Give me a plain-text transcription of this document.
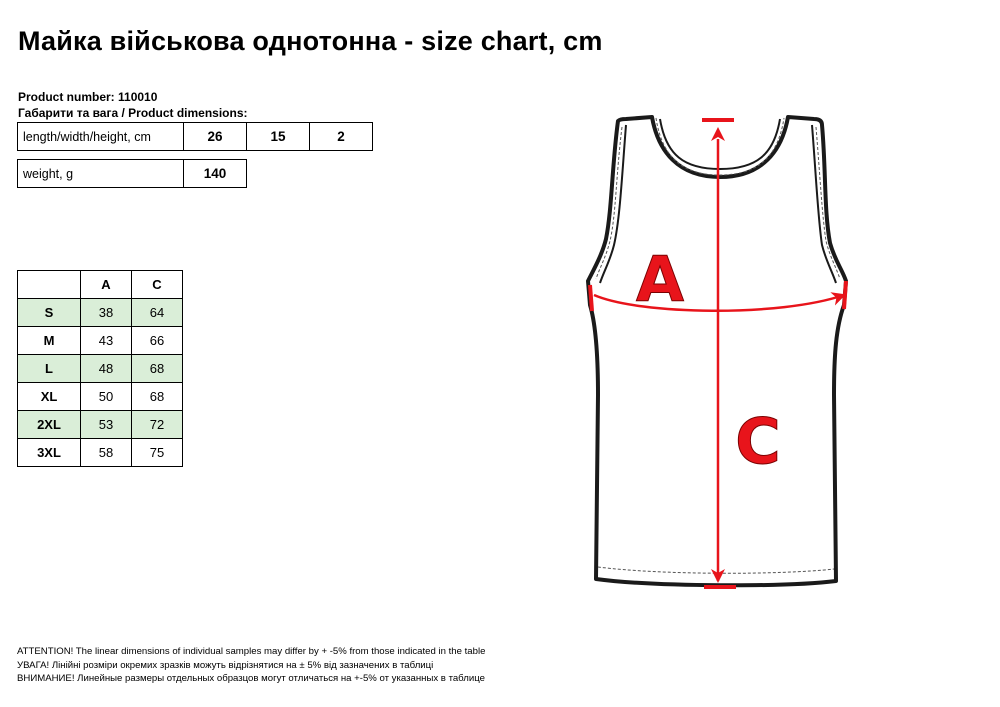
Майка військова однотонна - size chart, cm
Product number: 110010
Габарити та вага / Product dimensions:
length/width/height, cm	26	15	2
weight, g	140
	A	C
S	38	64
M	43	66
L	48	68
XL	50	68
2XL	53	72
3XL	58	75
A
C
ATTENTION! The linear dimensions of individual samples may differ by + -5% from those indicated in the table
УВАГА! Лінійні розміри окремих зразків можуть відрізнятися на ± 5% від зазначених в таблиці
ВНИМАНИЕ! Линейные размеры отдельных образцов могут отличаться на +-5% от указанных в таблице
